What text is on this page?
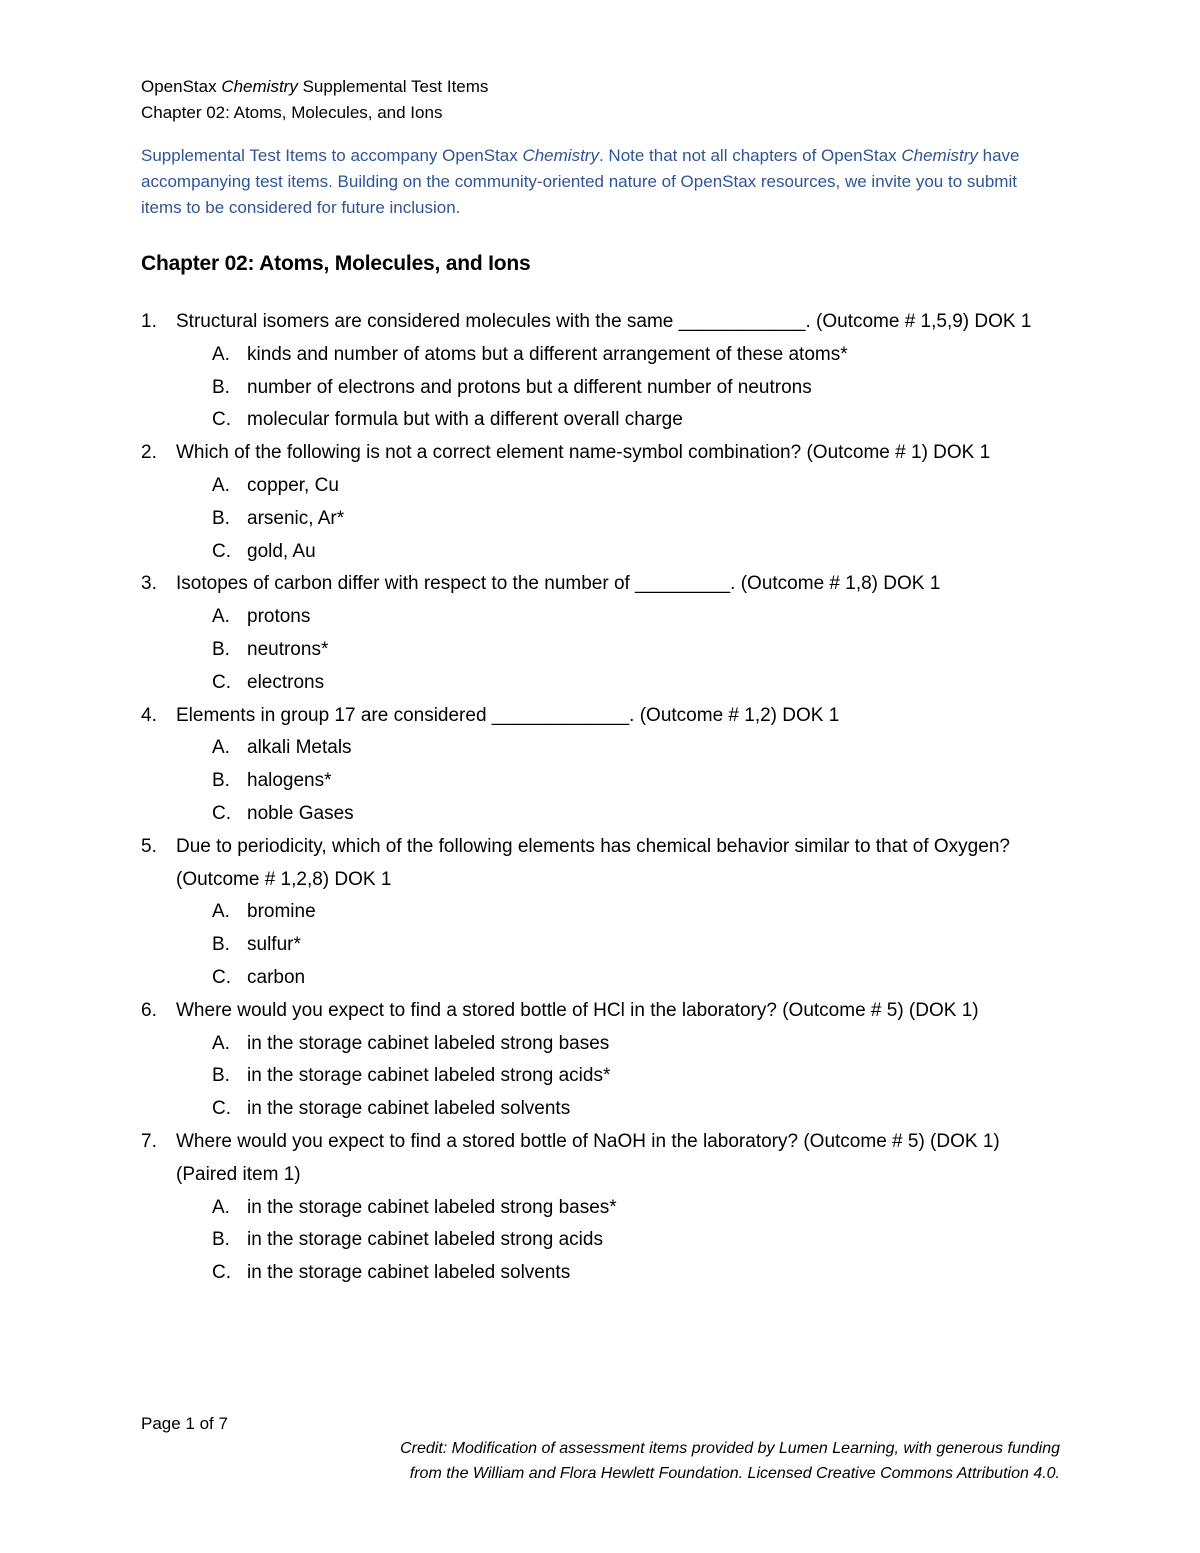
OpenStax Chemistry Supplemental Test Items
Chapter 02: Atoms, Molecules, and Ions
Supplemental Test Items to accompany OpenStax Chemistry. Note that not all chapters of OpenStax Chemistry have accompanying test items. Building on the community-oriented nature of OpenStax resources, we invite you to submit items to be considered for future inclusion.
Chapter 02: Atoms, Molecules, and Ions
1. Structural isomers are considered molecules with the same ____________. (Outcome # 1,5,9) DOK 1
A. kinds and number of atoms but a different arrangement of these atoms*
B. number of electrons and protons but a different number of neutrons
C. molecular formula but with a different overall charge
2. Which of the following is not a correct element name-symbol combination? (Outcome # 1) DOK 1
A. copper, Cu
B. arsenic, Ar*
C. gold, Au
3. Isotopes of carbon differ with respect to the number of _________. (Outcome # 1,8) DOK 1
A. protons
B. neutrons*
C. electrons
4. Elements in group 17 are considered _____________. (Outcome # 1,2) DOK 1
A. alkali Metals
B. halogens*
C. noble Gases
5. Due to periodicity, which of the following elements has chemical behavior similar to that of Oxygen? (Outcome # 1,2,8) DOK 1
A. bromine
B. sulfur*
C. carbon
6. Where would you expect to find a stored bottle of HCl in the laboratory? (Outcome # 5) (DOK 1)
A. in the storage cabinet labeled strong bases
B. in the storage cabinet labeled strong acids*
C. in the storage cabinet labeled solvents
7. Where would you expect to find a stored bottle of NaOH in the laboratory? (Outcome # 5) (DOK 1) (Paired item 1)
A. in the storage cabinet labeled strong bases*
B. in the storage cabinet labeled strong acids
C. in the storage cabinet labeled solvents
Page 1 of 7
Credit: Modification of assessment items provided by Lumen Learning, with generous funding
from the William and Flora Hewlett Foundation. Licensed Creative Commons Attribution 4.0.
